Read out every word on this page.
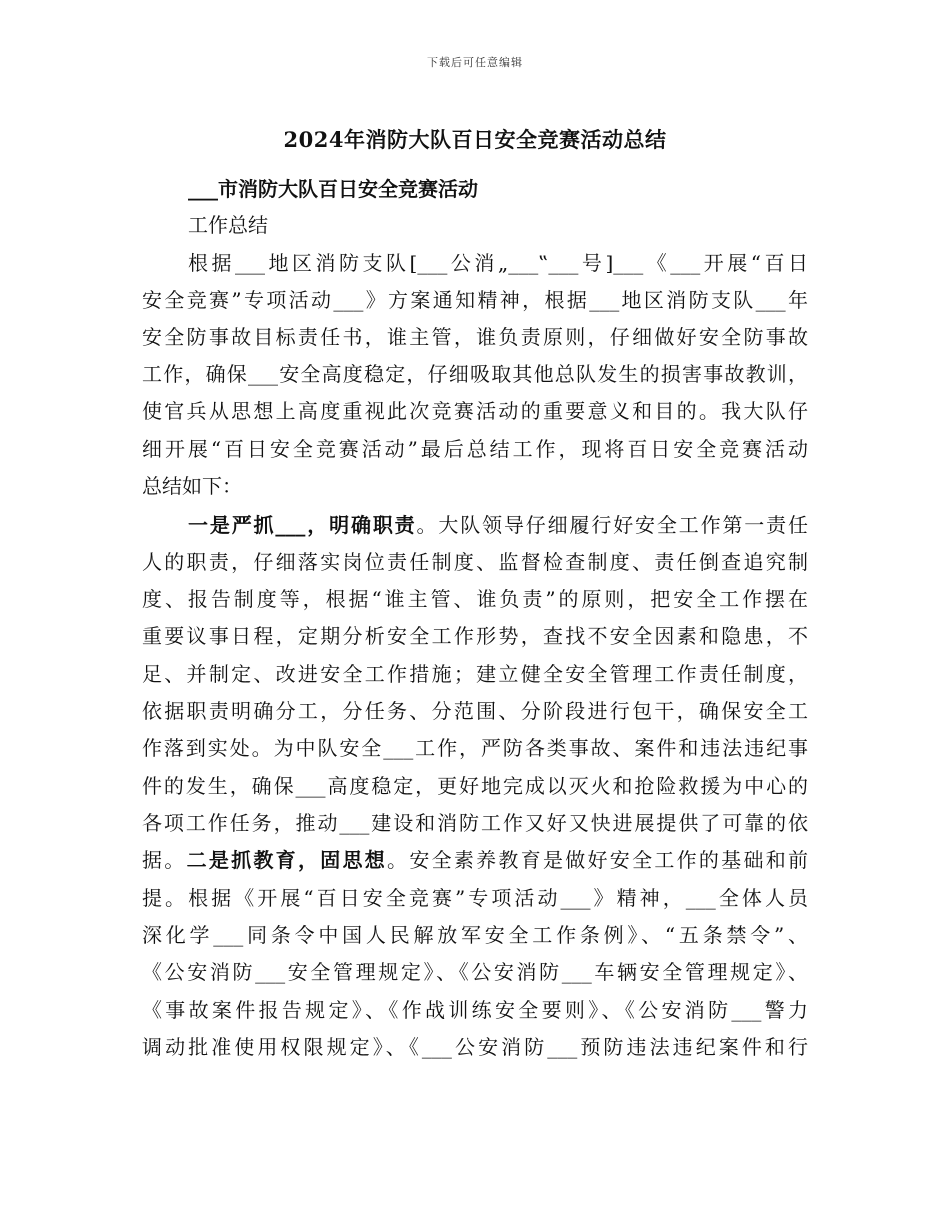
下载后可任意编辑
2024年消防大队百日安全竞赛活动总结
___市消防大队百日安全竞赛活动
工作总结
根据___地区消防支队[___公消„___‟___号]___《___开展“百日
安全竞赛”专项活动___》方案通知精神，根据___地区消防支队___年
安全防事故目标责任书，谁主管，谁负责原则，仔细做好安全防事故
工作，确保___安全高度稳定，仔细吸取其他总队发生的损害事故教训，
使官兵从思想上高度重视此次竞赛活动的重要意义和目的。我大队仔
细开展“百日安全竞赛活动”最后总结工作，现将百日安全竞赛活动
总结如下：
一是严抓___，明确职责。大队领导仔细履行好安全工作第一责任
人的职责，仔细落实岗位责任制度、监督检查制度、责任倒查追究制
度、报告制度等，根据“谁主管、谁负责”的原则，把安全工作摆在
重要议事日程，定期分析安全工作形势，查找不安全因素和隐患，不
足、并制定、改进安全工作措施；建立健全安全管理工作责任制度，
依据职责明确分工，分任务、分范围、分阶段进行包干，确保安全工
作落到实处。为中队安全___工作，严防各类事故、案件和违法违纪事
件的发生，确保___高度稳定，更好地完成以灭火和抢险救援为中心的
各项工作任务，推动___建设和消防工作又好又快进展提供了可靠的依
据。二是抓教育，固思想。安全素养教育是做好安全工作的基础和前
提。根据《开展“百日安全竞赛”专项活动___》精神，___全体人员
深化学___同条令中国人民解放军安全工作条例》、“五条禁令”、
《公安消防___安全管理规定》、《公安消防___车辆安全管理规定》、
《事故案件报告规定》、《作战训练安全要则》、《公安消防___警力
调动批准使用权限规定》、《___公安消防___预防违法违纪案件和行
